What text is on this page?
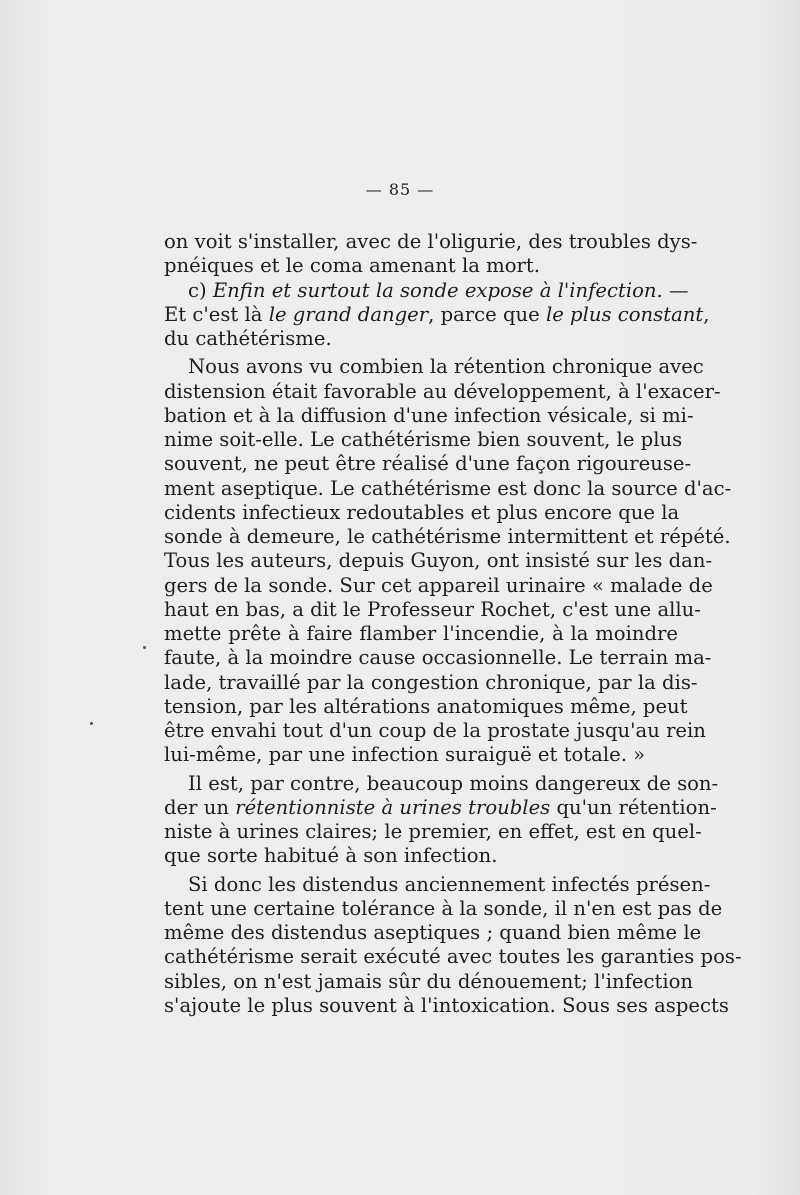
— 85 —
on voit s'installer, avec de l'oligurie, des troubles dys-
pnéiques et le coma amenant la mort.
c) Enfin et surtout la sonde expose à l'infection. —
Et c'est là le grand danger, parce que le plus constant,
du cathétérisme.
Nous avons vu combien la rétention chronique avec
distension était favorable au développement, à l'exacer-
bation et à la diffusion d'une infection vésicale, si mi-
nime soit-elle. Le cathétérisme bien souvent, le plus
souvent, ne peut être réalisé d'une façon rigoureuse-
ment aseptique. Le cathétérisme est donc la source d'ac-
cidents infectieux redoutables et plus encore que la
sonde à demeure, le cathétérisme intermittent et répété.
Tous les auteurs, depuis Guyon, ont insisté sur les dan-
gers de la sonde. Sur cet appareil urinaire « malade de
haut en bas, a dit le Professeur Rochet, c'est une allu-
mette prête à faire flamber l'incendie, à la moindre
faute, à la moindre cause occasionnelle. Le terrain ma-
lade, travaillé par la congestion chronique, par la dis-
tension, par les altérations anatomiques même, peut
être envahi tout d'un coup de la prostate jusqu'au rein
lui-même, par une infection suraiguë et totale. »
Il est, par contre, beaucoup moins dangereux de son-
der un rétentionniste à urines troubles qu'un rétention-
niste à urines claires; le premier, en effet, est en quel-
que sorte habitué à son infection.
Si donc les distendus anciennement infectés présen-
tent une certaine tolérance à la sonde, il n'en est pas de
même des distendus aseptiques ; quand bien même le
cathétérisme serait exécuté avec toutes les garanties pos-
sibles, on n'est jamais sûr du dénouement; l'infection
s'ajoute le plus souvent à l'intoxication. Sous ses aspects
